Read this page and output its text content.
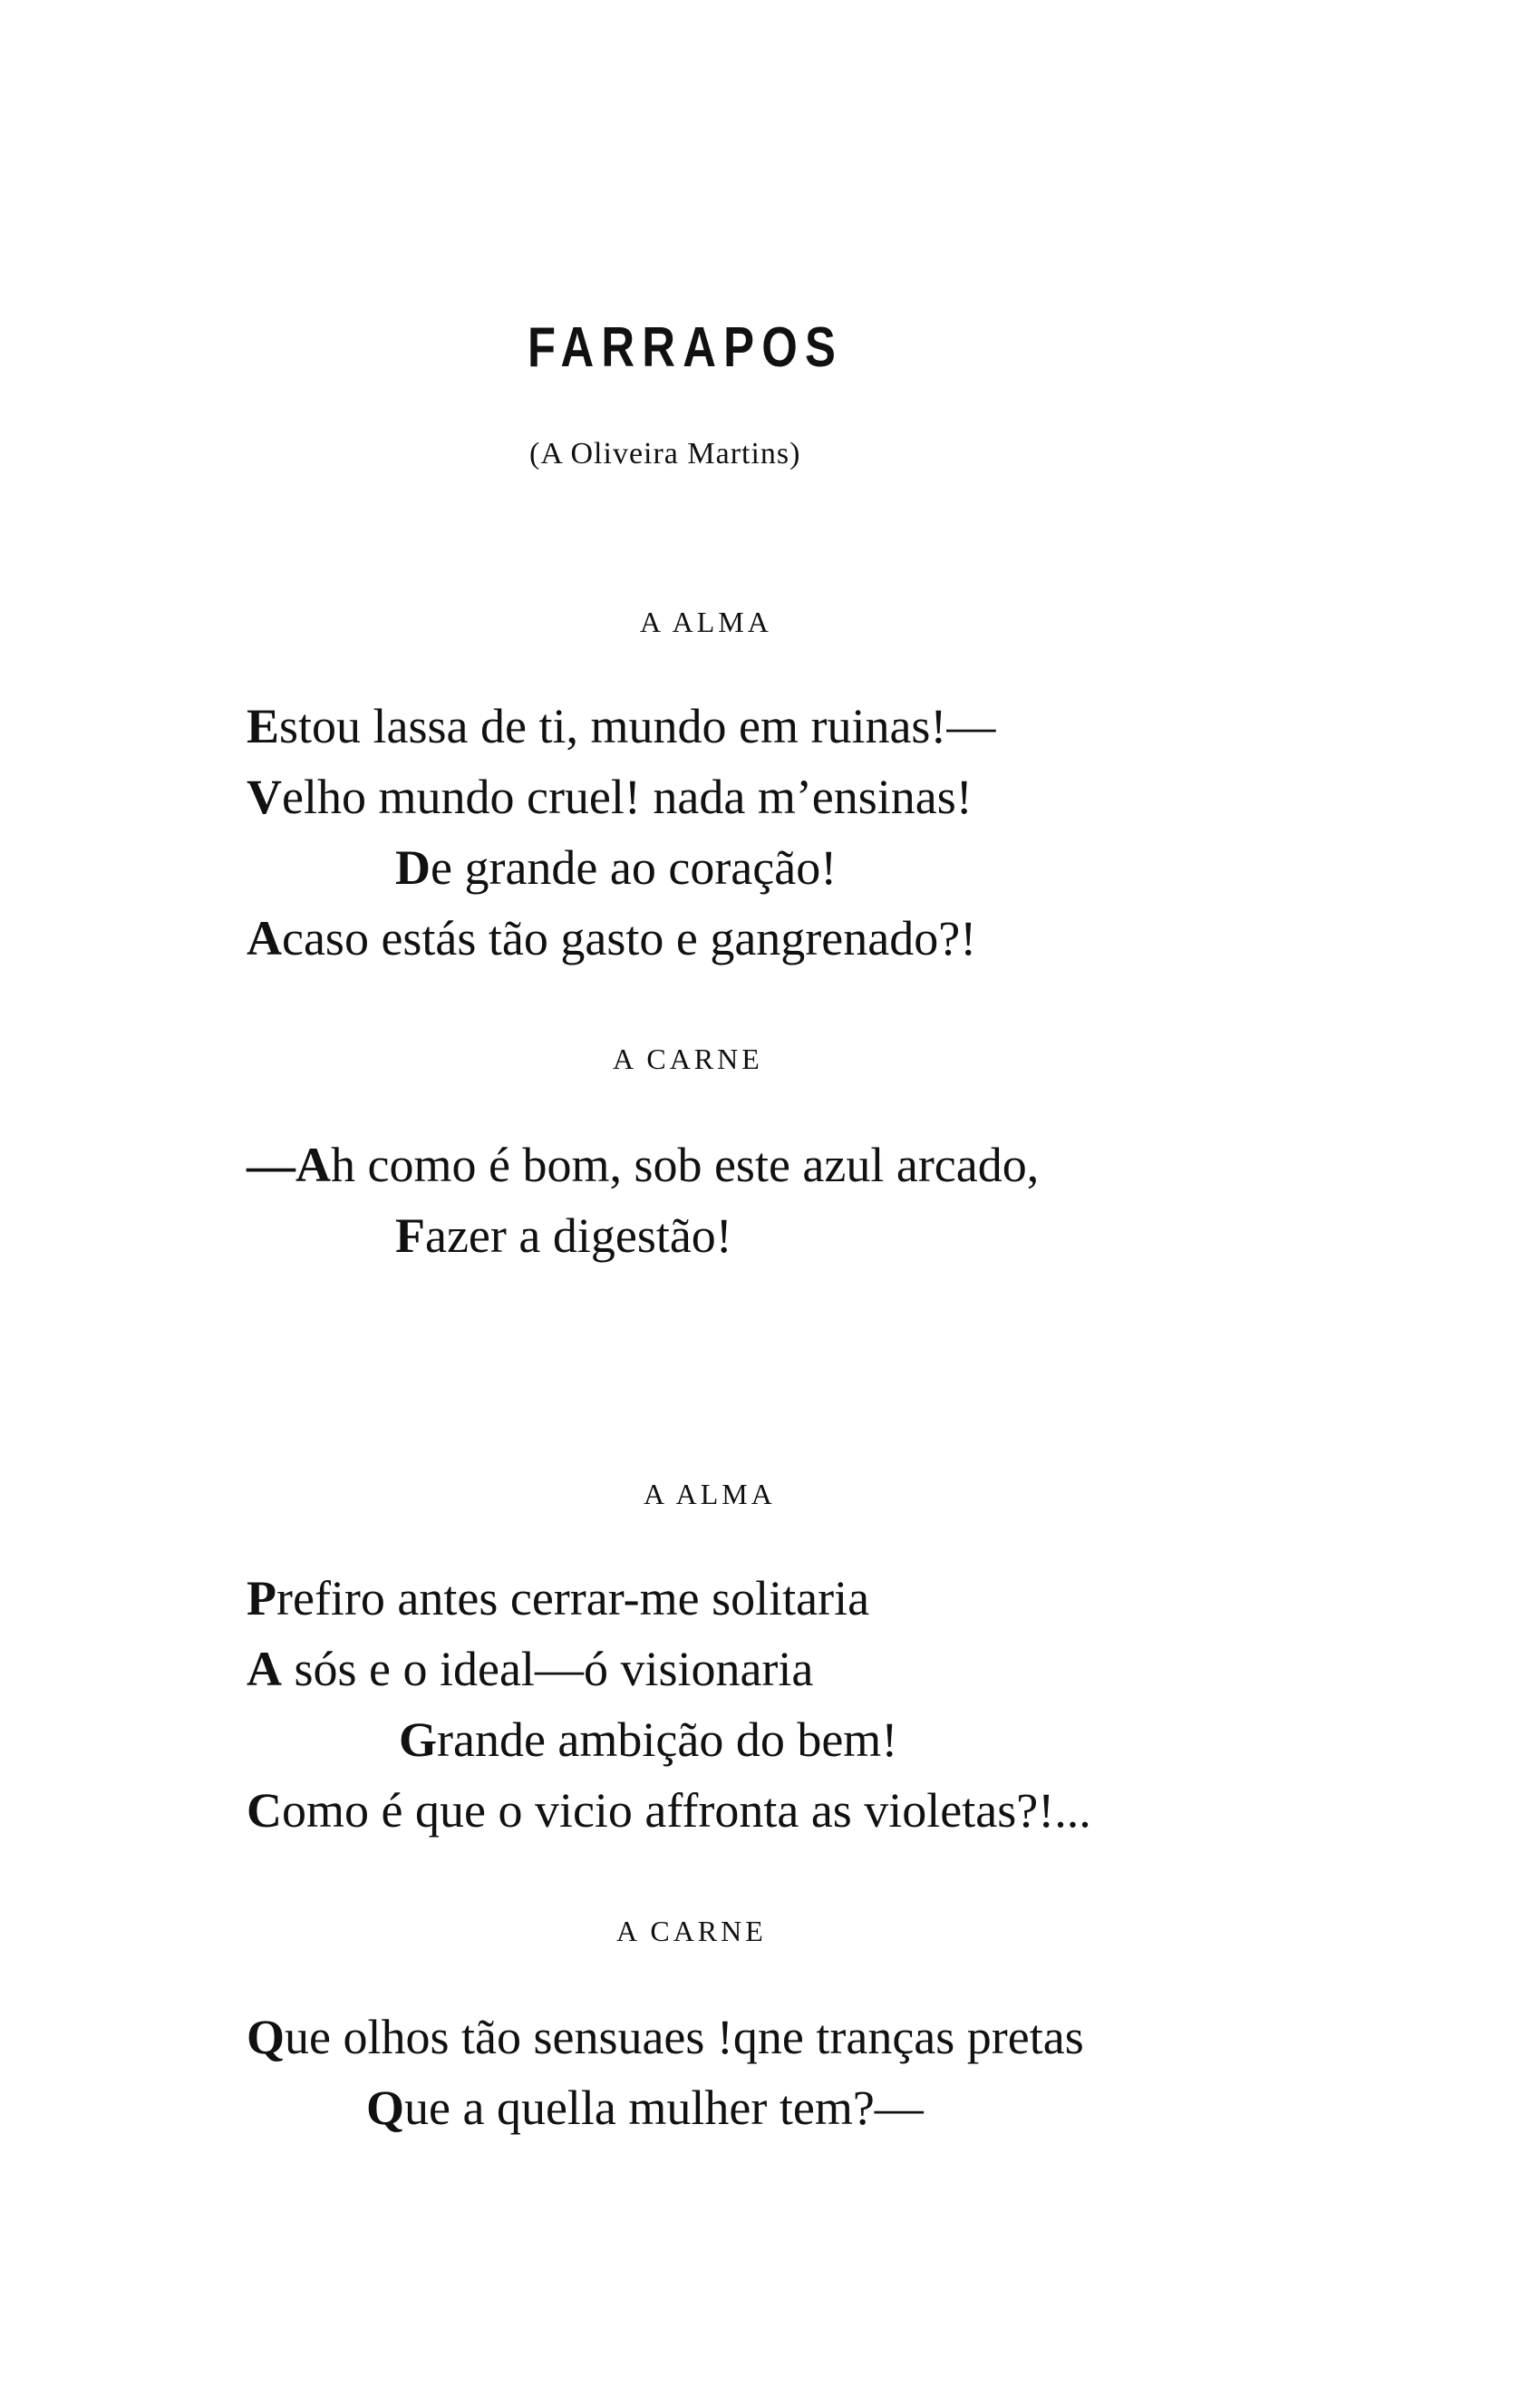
FARRAPOS
(A Oliveira Martins)
A ALMA
Estou lassa de ti, mundo em ruinas!—
Velho mundo cruel! nada m’ensinas!
De grande ao coração!
Acaso estás tão gasto e gangrenado?!
A CARNE
—Ah como é bom, sob este azul arcado,
Fazer a digestão!
A ALMA
Prefiro antes cerrar-me solitaria
A sós e o ideal—ó visionaria
Grande ambição do bem!
Como é que o vicio affronta as violetas?!...
A CARNE
Que olhos tão sensuaes !qne tranças pretas
Que a quella mulher tem?—
